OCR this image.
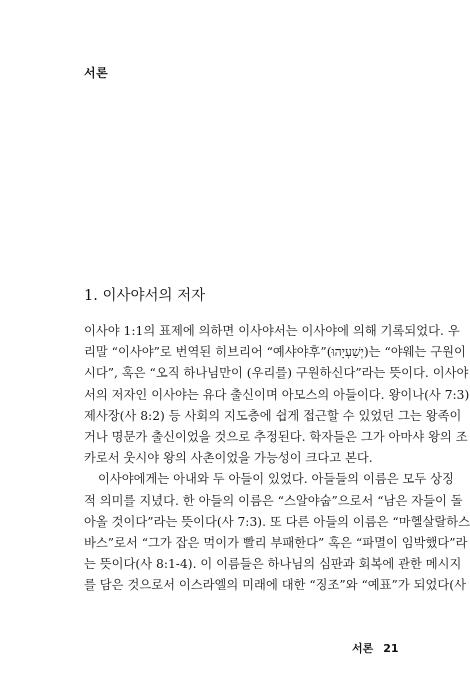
서론
1. 이사야서의 저자
이사야 1:1의 표제에 의하면 이사야서는 이사야에 의해 기록되었다. 우
리말 “이사야”로 번역된 히브리어 “예샤야후”(יְשַׁעְיָהוּ)는 “야웨는 구원이
시다”, 혹은 “오직 하나님만이 (우리를) 구원하신다”라는 뜻이다. 이사야
서의 저자인 이사야는 유다 출신이며 아모스의 아들이다. 왕이나(사 7:3)
제사장(사 8:2) 등 사회의 지도층에 쉽게 접근할 수 있었던 그는 왕족이
거나 명문가 출신이었을 것으로 추정된다. 학자들은 그가 아마샤 왕의 조
카로서 웃시야 왕의 사촌이었을 가능성이 크다고 본다.
이사야에게는 아내와 두 아들이 있었다. 아들들의 이름은 모두 상징
적 의미를 지녔다. 한 아들의 이름은 “스알야숩”으로서 “남은 자들이 돌
아올 것이다”라는 뜻이다(사 7:3). 또 다른 아들의 이름은 “마헬살랄하스
바스”로서 “그가 잡은 먹이가 빨리 부패한다” 혹은 “파멸이 임박했다”라
는 뜻이다(사 8:1-4). 이 이름들은 하나님의 심판과 회복에 관한 메시지
를 담은 것으로서 이스라엘의 미래에 대한 “징조”와 “예표”가 되었다(사
서론 21
